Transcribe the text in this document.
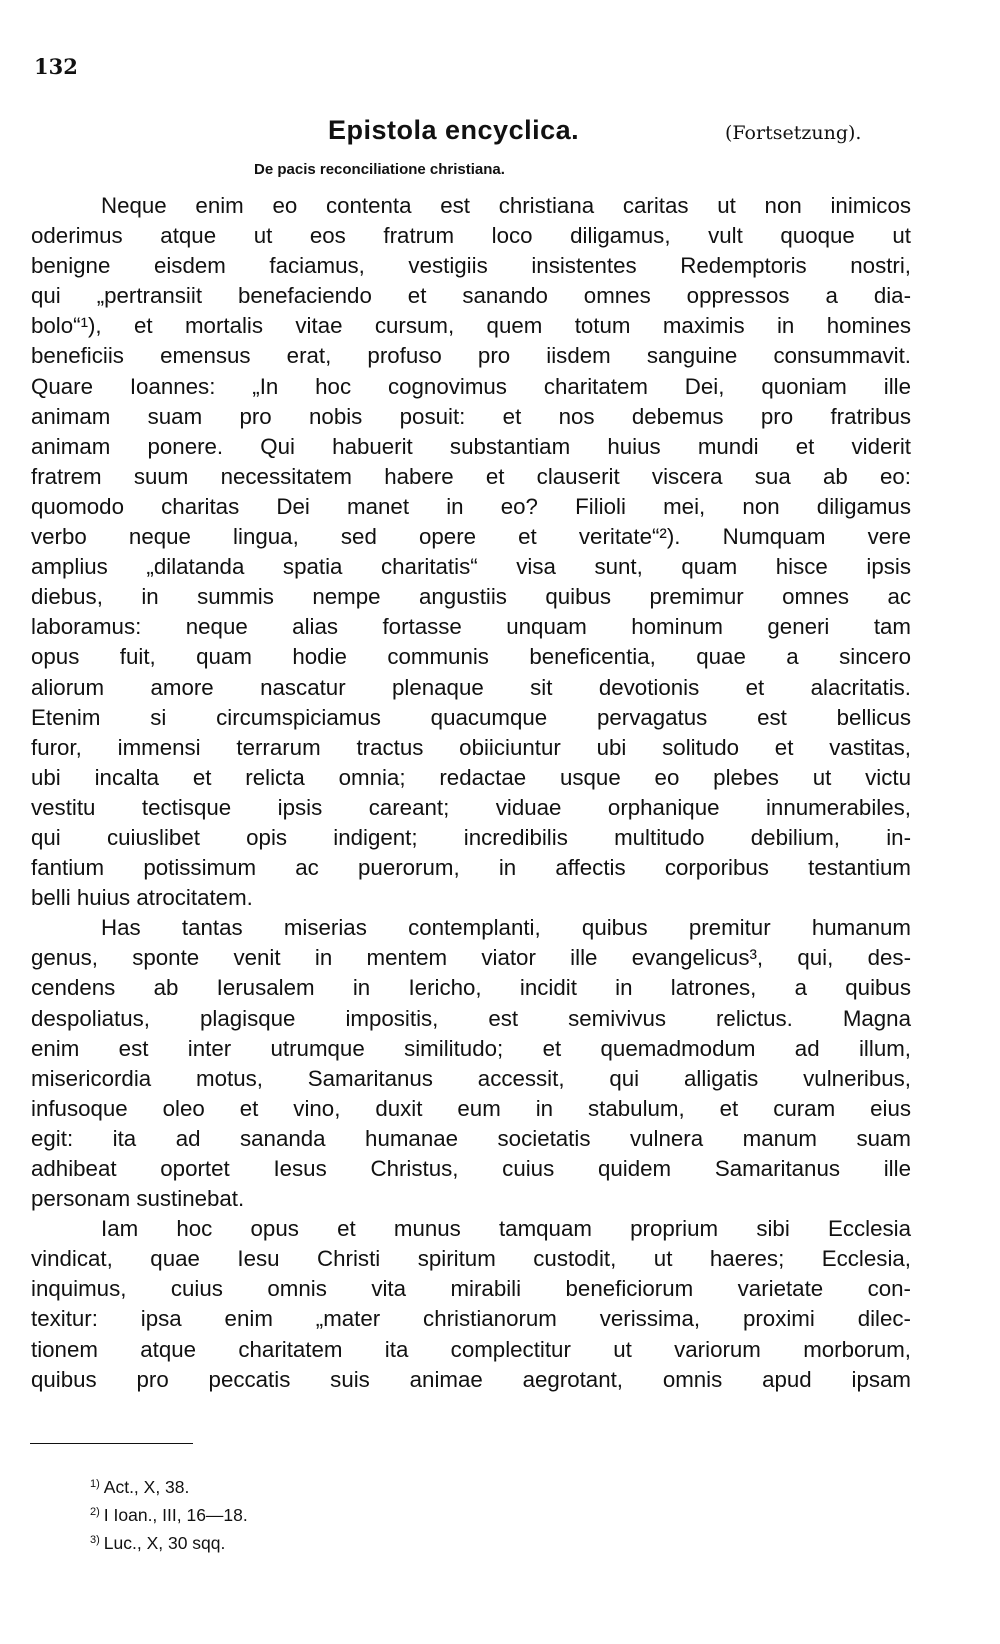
132
Epistola encyclica.	(Fortsetzung).
De pacis reconciliatione christiana.
Neque enim eo contenta est christiana caritas ut non inimicos
oderimus atque ut eos fratrum loco diligamus, vult quoque ut
benigne eisdem faciamus, vestigiis insistentes Redemptoris nostri,
qui „pertransiit benefaciendo et sanando omnes oppressos a dia-
bolo“¹), et mortalis vitae cursum, quem totum maximis in homines
beneficiis emensus erat, profuso pro iisdem sanguine consummavit.
Quare Ioannes: „In hoc cognovimus charitatem Dei, quoniam ille
animam suam pro nobis posuit: et nos debemus pro fratribus
animam ponere. Qui habuerit substantiam huius mundi et viderit
fratrem suum necessitatem habere et clauserit viscera sua ab eo:
quomodo charitas Dei manet in eo? Filioli mei, non diligamus
verbo neque lingua, sed opere et veritate“²). Numquam vere
amplius „dilatanda spatia charitatis“ visa sunt, quam hisce ipsis
diebus, in summis nempe angustiis quibus premimur omnes ac
laboramus: neque alias fortasse unquam hominum generi tam
opus fuit, quam hodie communis beneficentia, quae a sincero
aliorum amore nascatur plenaque sit devotionis et alacritatis.
Etenim si circumspiciamus quacumque pervagatus est bellicus
furor, immensi terrarum tractus obiiciuntur ubi solitudo et vastitas,
ubi incalta et relicta omnia; redactae usque eo plebes ut victu
vestitu tectisque ipsis careant; viduae orphanique innumerabiles,
qui cuiuslibet opis indigent; incredibilis multitudo debilium, in-
fantium potissimum ac puerorum, in affectis corporibus testantium
belli huius atrocitatem.
Has tantas miserias contemplanti, quibus premitur humanum
genus, sponte venit in mentem viator ille evangelicus³, qui, des-
cendens ab Ierusalem in Iericho, incidit in latrones, a quibus
despoliatus, plagisque impositis, est semivivus relictus. Magna
enim est inter utrumque similitudo; et quemadmodum ad illum,
misericordia motus, Samaritanus accessit, qui alligatis vulneribus,
infusoque oleo et vino, duxit eum in stabulum, et curam eius
egit: ita ad sananda humanae societatis vulnera manum suam
adhibeat oportet Iesus Christus, cuius quidem Samaritanus ille
personam sustinebat.
Iam hoc opus et munus tamquam proprium sibi Ecclesia
vindicat, quae Iesu Christi spiritum custodit, ut haeres; Ecclesia,
inquimus, cuius omnis vita mirabili beneficiorum varietate con-
texitur: ipsa enim „mater christianorum verissima, proximi dilec-
tionem atque charitatem ita complectitur ut variorum morborum,
quibus pro peccatis suis animae aegrotant, omnis apud ipsam
$^{1)}$ Act., X, 38.
$^{2)}$ I Ioan., III, 16—18.
$^{3)}$ Luc., X, 30 sqq.
